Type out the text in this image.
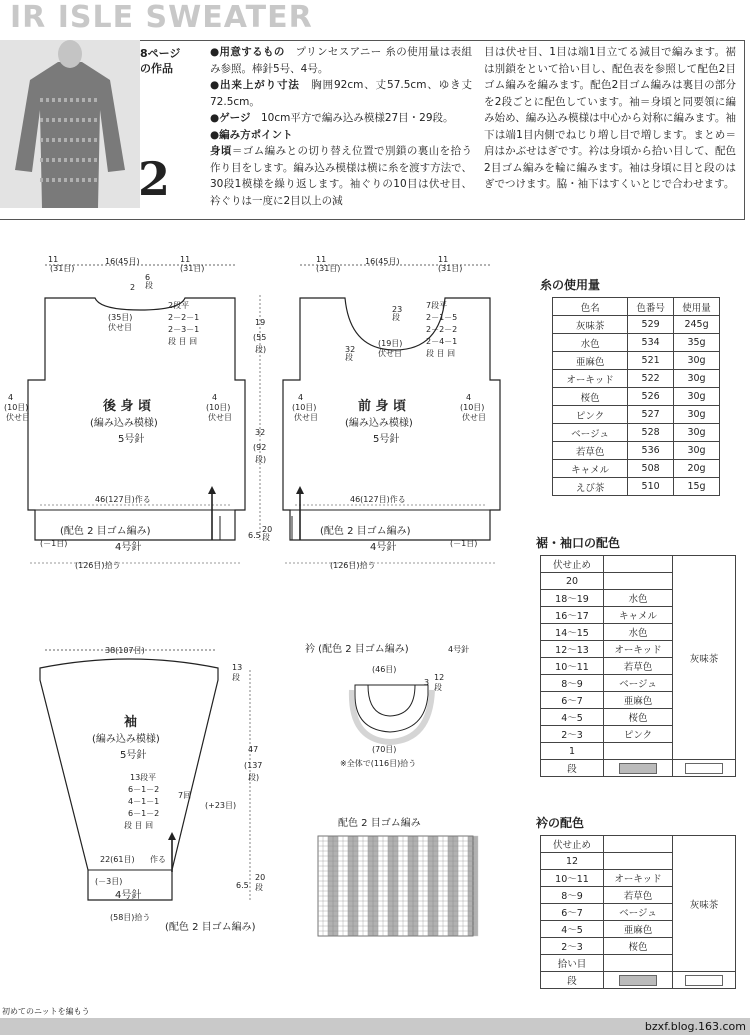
IR ISLE SWEATER
8ページ
の作品
2
●用意するもの　 プリンセスアニー 糸の使用量は表組み参照。棒針5号、4号。
●出来上がり寸法　 胸囲92cm、丈57.5cm、ゆき丈72.5cm。
●ゲージ　 10cm平方で編み込み模様27目・29段。
●編み方ポイント
身頃＝ゴム編みとの切り替え位置で別鎖の裏山を拾う作り目をします。編み込み模様は横に糸を渡す方法で、30段1模様を繰り返します。袖ぐりの10目は伏せ目、衿ぐりは一度に2目以上の減
目は伏せ目、1目は端1目立てる減目で編みます。裾は別鎖をといて拾い目し、配色表を参照して配色2目ゴム編みを編みます。配色2目ゴム編みは裏目の部分を2段ごとに配色しています。袖＝身頃と同要領に編み始め、編み込み模様は中心から対称に編みます。袖下は端1目内側でねじり増し目で増します。まとめ＝肩はかぶせはぎです。衿は身頃から拾い目して、配色2目ゴム編みを輪に編みます。袖は身頃に目と段のはぎでつけます。脇・袖下はすくいとじで合わせます。
11
(31目)
16(45目)	11
(31目)
2
6
段
2段平
2－2－1
2－3－1
段 目 回
(35目)
伏せ目
4
(10目)
伏せ目
4
(10目)
伏せ目
後 身 頃
(編み込み模様)
5号針
46(127目)作る
(配色 2 目ゴム編み)
4号針
(－1目)
(126目)拾う
19
(55
段)
32
(92
段)
6.5
20
段
11
(31目)
16(45目)	11
(31目)
23
段
7段平
2－1－5
2－2－2
2－4－1
段 目 回
(19目)
伏せ目
32
段
4
(10目)
伏せ目
4
(10目)
伏せ目
前 身 頃
(編み込み模様)
5号針
46(127目)作る
(配色 2 目ゴム編み)
4号針	(－1目)
(126目)拾う
38(107目)
13
段
袖
(編み込み模様)
5号針
13段平
6－1－2
4－1－1
6－1－2
段 目 回
7回
(+23目)
22(61目) 作る
(－3目)
4号針
(58目)拾う
(配色 2 目ゴム編み)
47
(137
段)
6.5
20
段
衿 (配色 2 目ゴム編み)	4号針
(46目)
12
段
3
(70目)
※全体で(116目)拾う
配色 2 目ゴム編み
糸の使用量
色名	色番号	使用量
灰味茶	529	245g
水色	534	35g
亜麻色	521	30g
オーキッド	522	30g
桜色	526	30g
ピンク	527	30g
ベージュ	528	30g
若草色	536	30g
キャメル	508	20g
えび茶	510	15g
裾・袖口の配色
伏せ止め		灰味茶
20		
18～19	水色	
16～17	キャメル	
14～15	水色	
12～13	オーキッド	
10～11	若草色	
8～9	ベージュ	
6～7	亜麻色	
4～5	桜色	
2～3	ピンク	
1		
段		
衿の配色
伏せ止め		灰味茶
12		
10～11	オーキッド	
8～9	若草色	
6～7	ベージュ	
4～5	亜麻色	
2～3	桜色	
拾い目		
段		
初めてのニットを編もう
bzxf.blog.163.com
